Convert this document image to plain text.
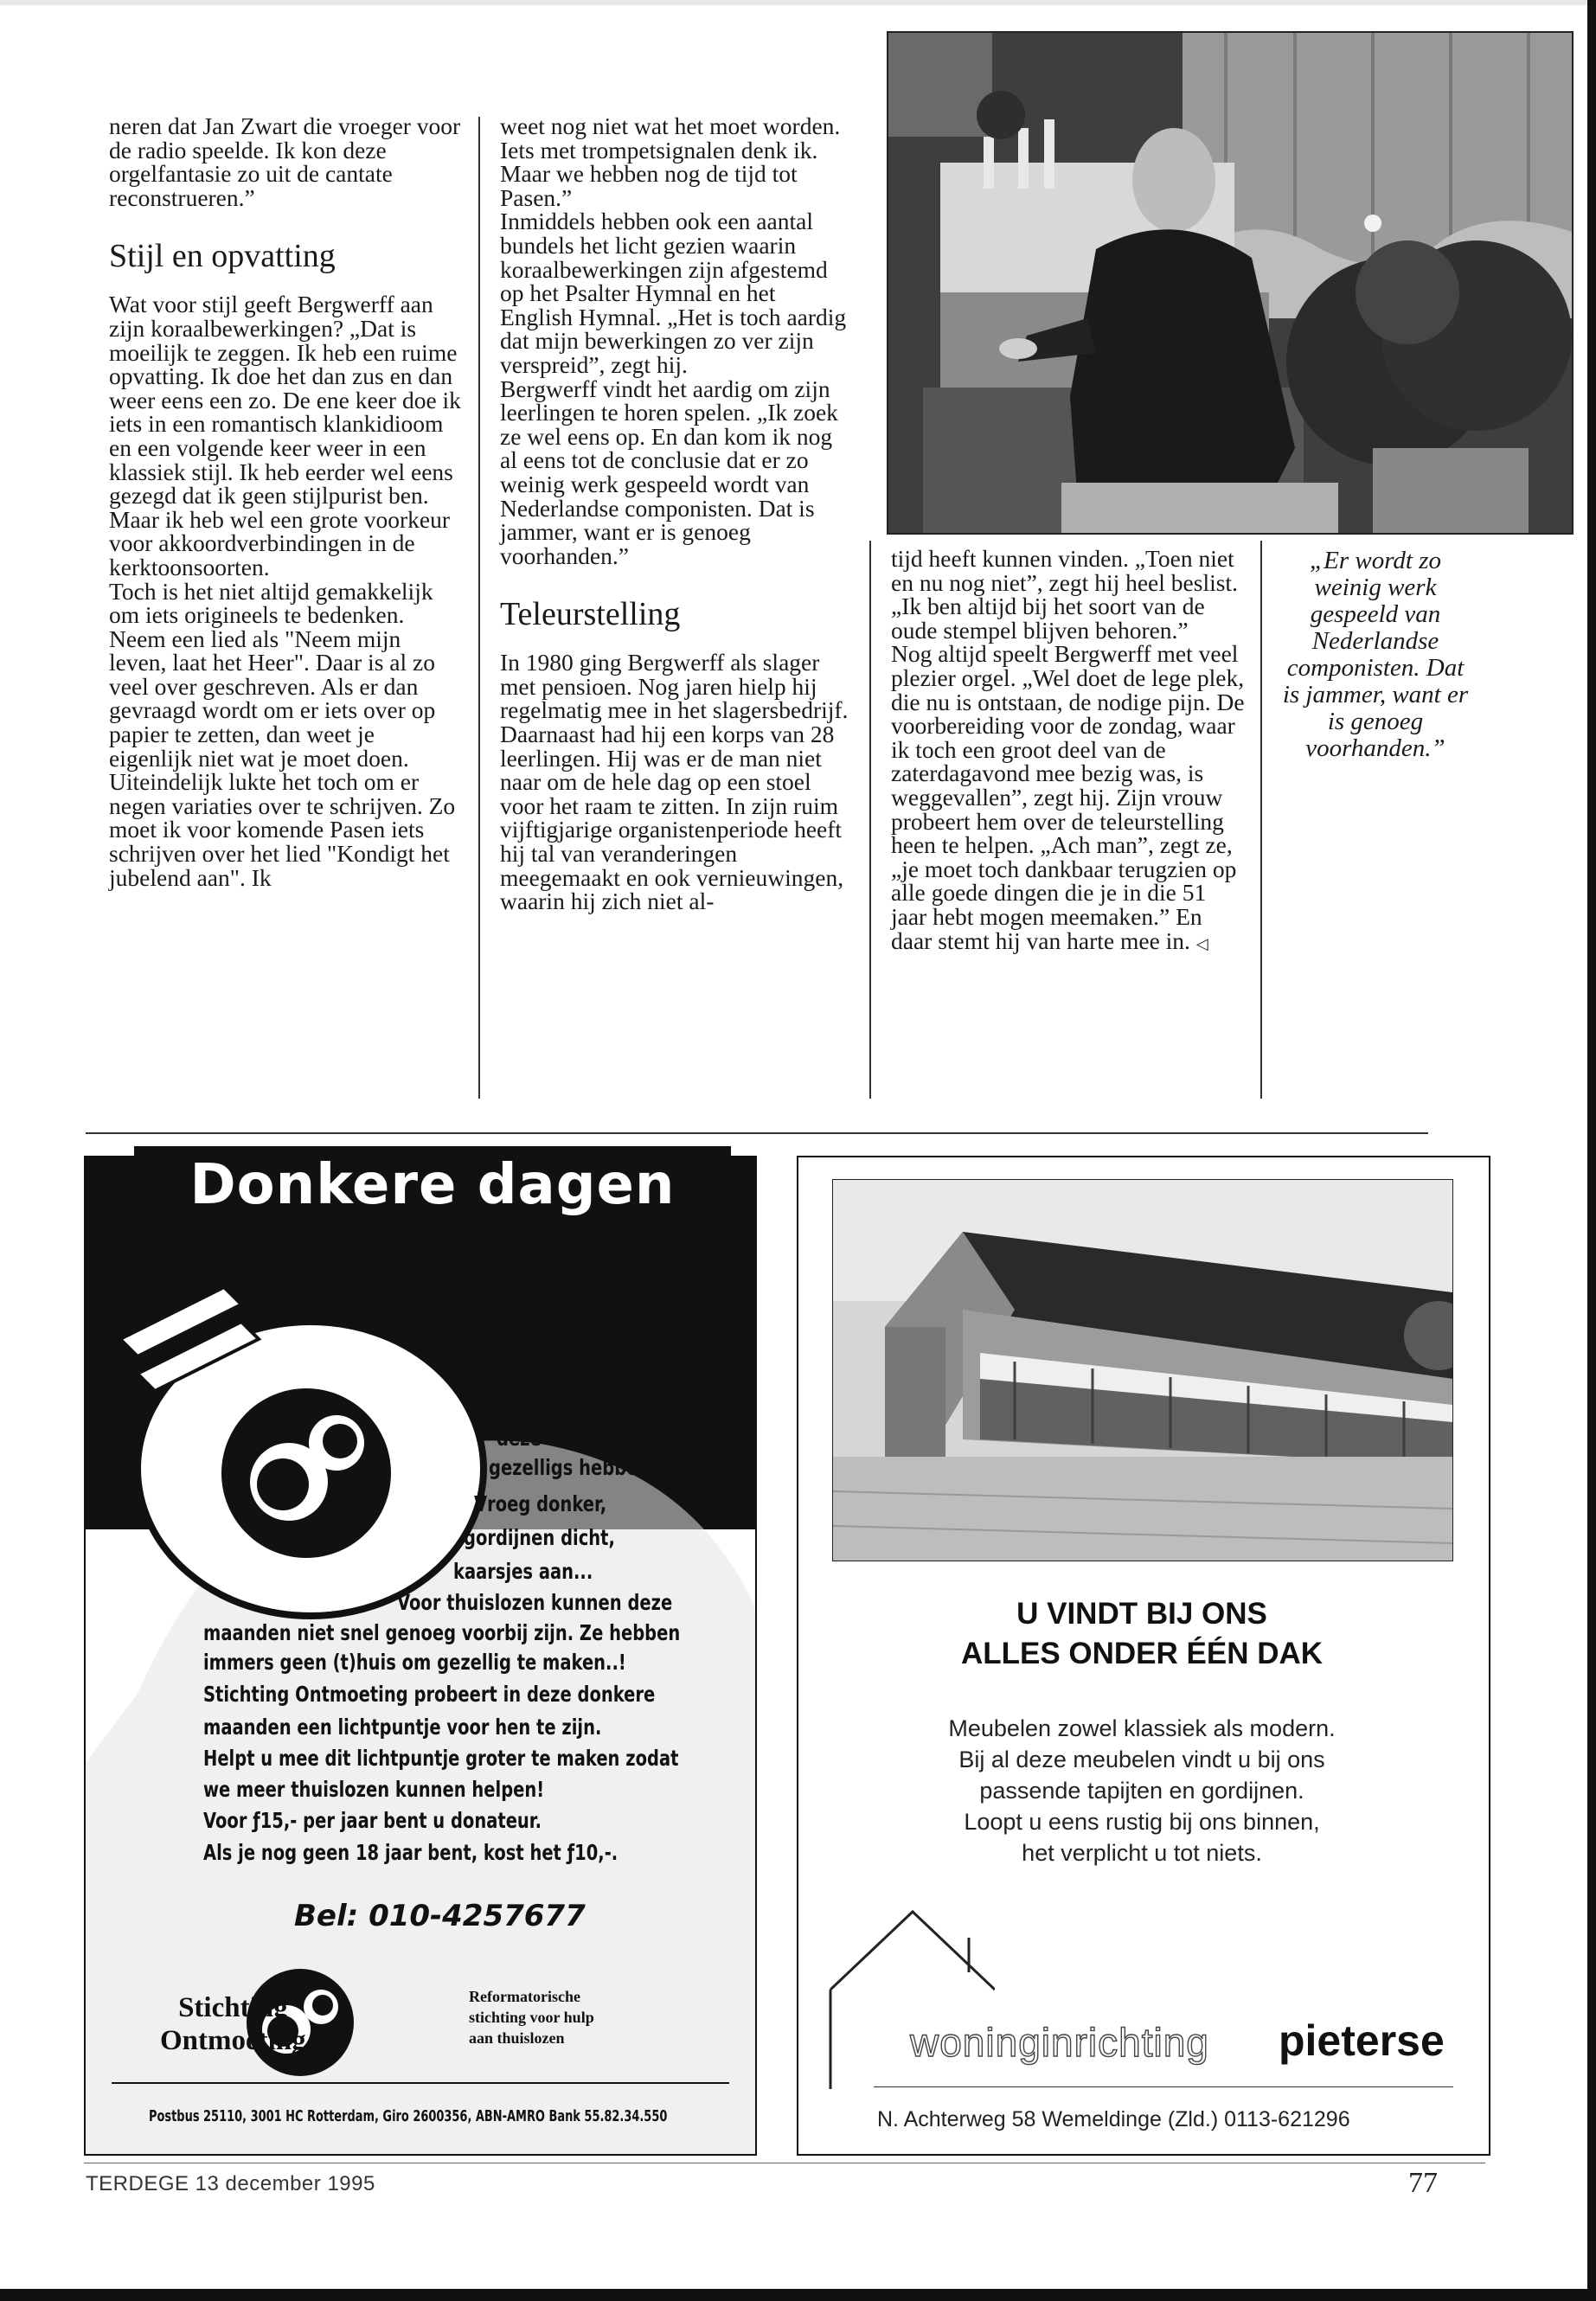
neren dat Jan Zwart die vroeger voor de radio speelde. Ik kon deze orgelfantasie zo uit de cantate reconstrueren.”

Stijl en opvatting

Wat voor stijl geeft Bergwerff aan zijn koraalbewerkingen? „Dat is moeilijk te zeggen. Ik heb een ruime opvatting. Ik doe het dan zus en dan weer eens een zo. De ene keer doe ik iets in een romantisch klankidioom en een volgende keer weer in een klassiek stijl. Ik heb eerder wel eens gezegd dat ik geen stijlpurist ben. Maar ik heb wel een grote voorkeur voor akkoordverbindingen in de kerktoonsoorten.

Toch is het niet altijd gemakkelijk om iets origineels te bedenken. Neem een lied als "Neem mijn leven, laat het Heer". Daar is al zo veel over geschreven. Als er dan gevraagd wordt om er iets over op papier te zetten, dan weet je eigenlijk niet wat je moet doen. Uiteindelijk lukte het toch om er negen variaties over te schrijven. Zo moet ik voor komende Pasen iets schrijven over het lied "Kondigt het jubelend aan". Ik

weet nog niet wat het moet worden. Iets met trompetsignalen denk ik. Maar we hebben nog de tijd tot Pasen.”

Inmiddels hebben ook een aantal bundels het licht gezien waarin koraalbewerkingen zijn afgestemd op het Psalter Hymnal en het English Hymnal. „Het is toch aardig dat mijn bewerkingen zo ver zijn verspreid”, zegt hij.

Bergwerff vindt het aardig om zijn leerlingen te horen spelen. „Ik zoek ze wel eens op. En dan kom ik nog al eens tot de conclusie dat er zo weinig werk gespeeld wordt van Nederlandse componisten. Dat is jammer, want er is genoeg voorhanden.”

Teleurstelling

In 1980 ging Bergwerff als slager met pensioen. Nog jaren hielp hij regelmatig mee in het slagersbedrijf. Daarnaast had hij een korps van 28 leerlingen. Hij was er de man niet naar om de hele dag op een stoel voor het raam te zitten. In zijn ruim vijftigjarige organistenperiode heeft hij tal van veranderingen meegemaakt en ook vernieuwingen, waarin hij zich niet al-

tijd heeft kunnen vinden. „Toen niet en nu nog niet”, zegt hij heel beslist. „Ik ben altijd bij het soort van de oude stempel blijven behoren.”

Nog altijd speelt Bergwerff met veel plezier orgel. „Wel doet de lege plek, die nu is ontstaan, de nodige pijn. De voorbereiding voor de zondag, waar ik toch een groot deel van de zaterdagavond mee bezig was, is weggevallen”, zegt hij. Zijn vrouw probeert hem over de teleurstelling heen te helpen. „Ach man”, zegt ze, „je moet toch dankbaar terugzien op alle goede dingen die je in die 51 jaar hebt mogen meemaken.” En daar stemt hij van harte mee in. ◁

„Er wordt zo weinig werk gespeeld van Nederlandse componisten. Dat is jammer, want er is genoeg voorhanden.”
Donkere dagen
Vindt u ook dat
deze maanden iets
gezelligs hebben?
Vroeg donker,
gordijnen dicht,
kaarsjes aan...
Voor thuislozen kunnen deze
maanden niet snel genoeg voorbij zijn. Ze hebben
immers geen (t)huis om gezellig te maken..!
Stichting Ontmoeting probeert in deze donkere
maanden een lichtpuntje voor hen te zijn.
Helpt u mee dit lichtpuntje groter te maken zodat
we meer thuislozen kunnen helpen!
Voor ƒ15,- per jaar bent u donateur.
Als je nog geen 18 jaar bent, kost het ƒ10,-.
Bel: 010-4257677
Stichting
Ontmoeting
Reformatorische
stichting voor hulp
aan thuislozen
Postbus 25110, 3001 HC Rotterdam, Giro 2600356, ABN-AMRO Bank 55.82.34.550
U VINDT BIJ ONS
ALLES ONDER ÉÉN DAK
Meubelen zowel klassiek als modern.
Bij al deze meubelen vindt u bij ons
passende tapijten en gordijnen.
Loopt u eens rustig bij ons binnen,
het verplicht u tot niets.
woninginrichting pieterse
N. Achterweg 58 Wemeldinge (Zld.) 0113-621296
TERDEGE 13 december 1995	77
